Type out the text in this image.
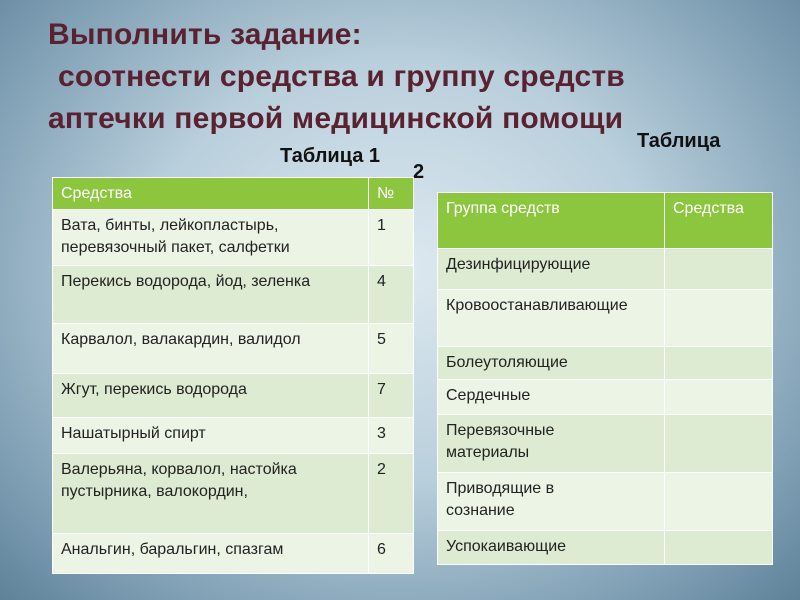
Выполнить задание:
соотнести средства и группу средств
аптечки первой медицинской помощи
Таблица 1
Таблица
2
Средства	№
Вата, бинты, лейкопластырь, перевязочный пакет, салфетки	1
Перекись водорода, йод, зеленка	4
Карвалол, валакардин, валидол	5
Жгут, перекись водорода	7
Нашатырный спирт	3
Валерьяна, корвалол, настойка пустырника, валокордин,	2
Анальгин, баральгин, спазгам	6
Группа средств	Средства
Дезинфицирующие	
Кровоостанавливающие	
Болеутоляющие	
Сердечные	
Перевязочные материалы	
Приводящие в сознание	
Успокаивающие	
